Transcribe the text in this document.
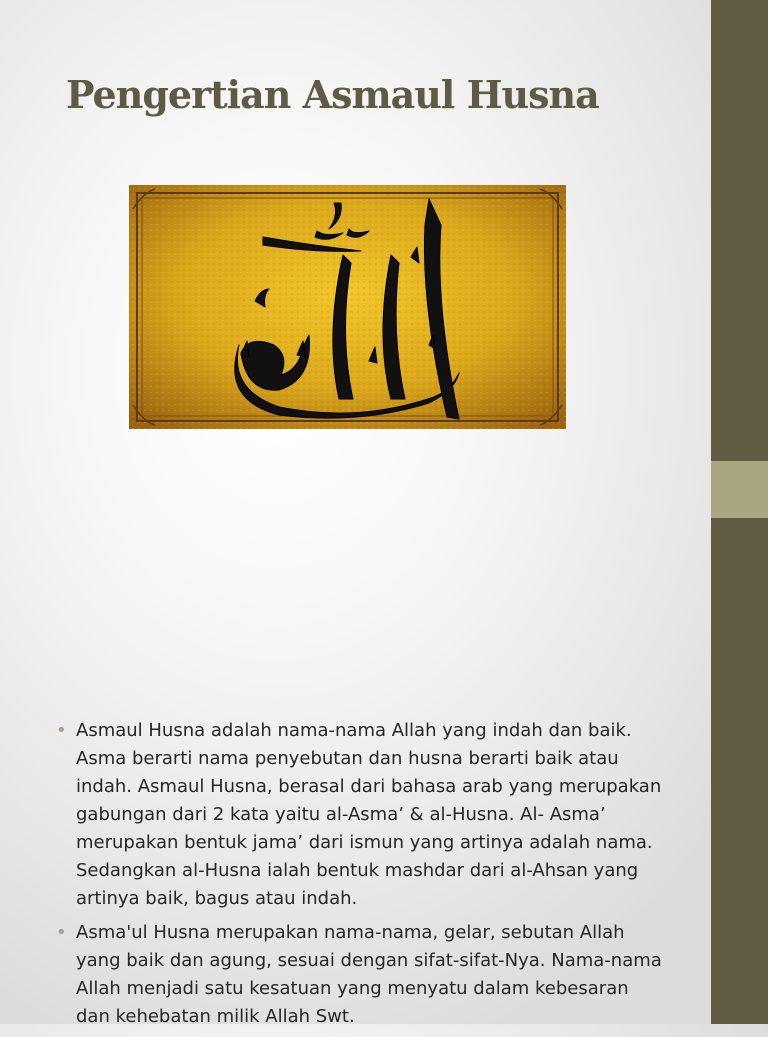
Pengertian Asmaul Husna
• Asmaul Husna adalah nama-nama Allah yang indah dan baik. Asma berarti nama penyebutan dan husna berarti baik atau indah. Asmaul Husna, berasal dari bahasa arab yang merupakan gabungan dari 2 kata yaitu al-Asma’ & al-Husna. Al- Asma’ merupakan bentuk jama’ dari ismun yang artinya adalah nama. Sedangkan al-Husna ialah bentuk mashdar dari al-Ahsan yang artinya baik, bagus atau indah.
• Asma'ul Husna merupakan nama-nama, gelar, sebutan Allah yang baik dan agung, sesuai dengan sifat-sifat-Nya. Nama-nama Allah menjadi satu kesatuan yang menyatu dalam kebesaran dan kehebatan milik Allah Swt.
